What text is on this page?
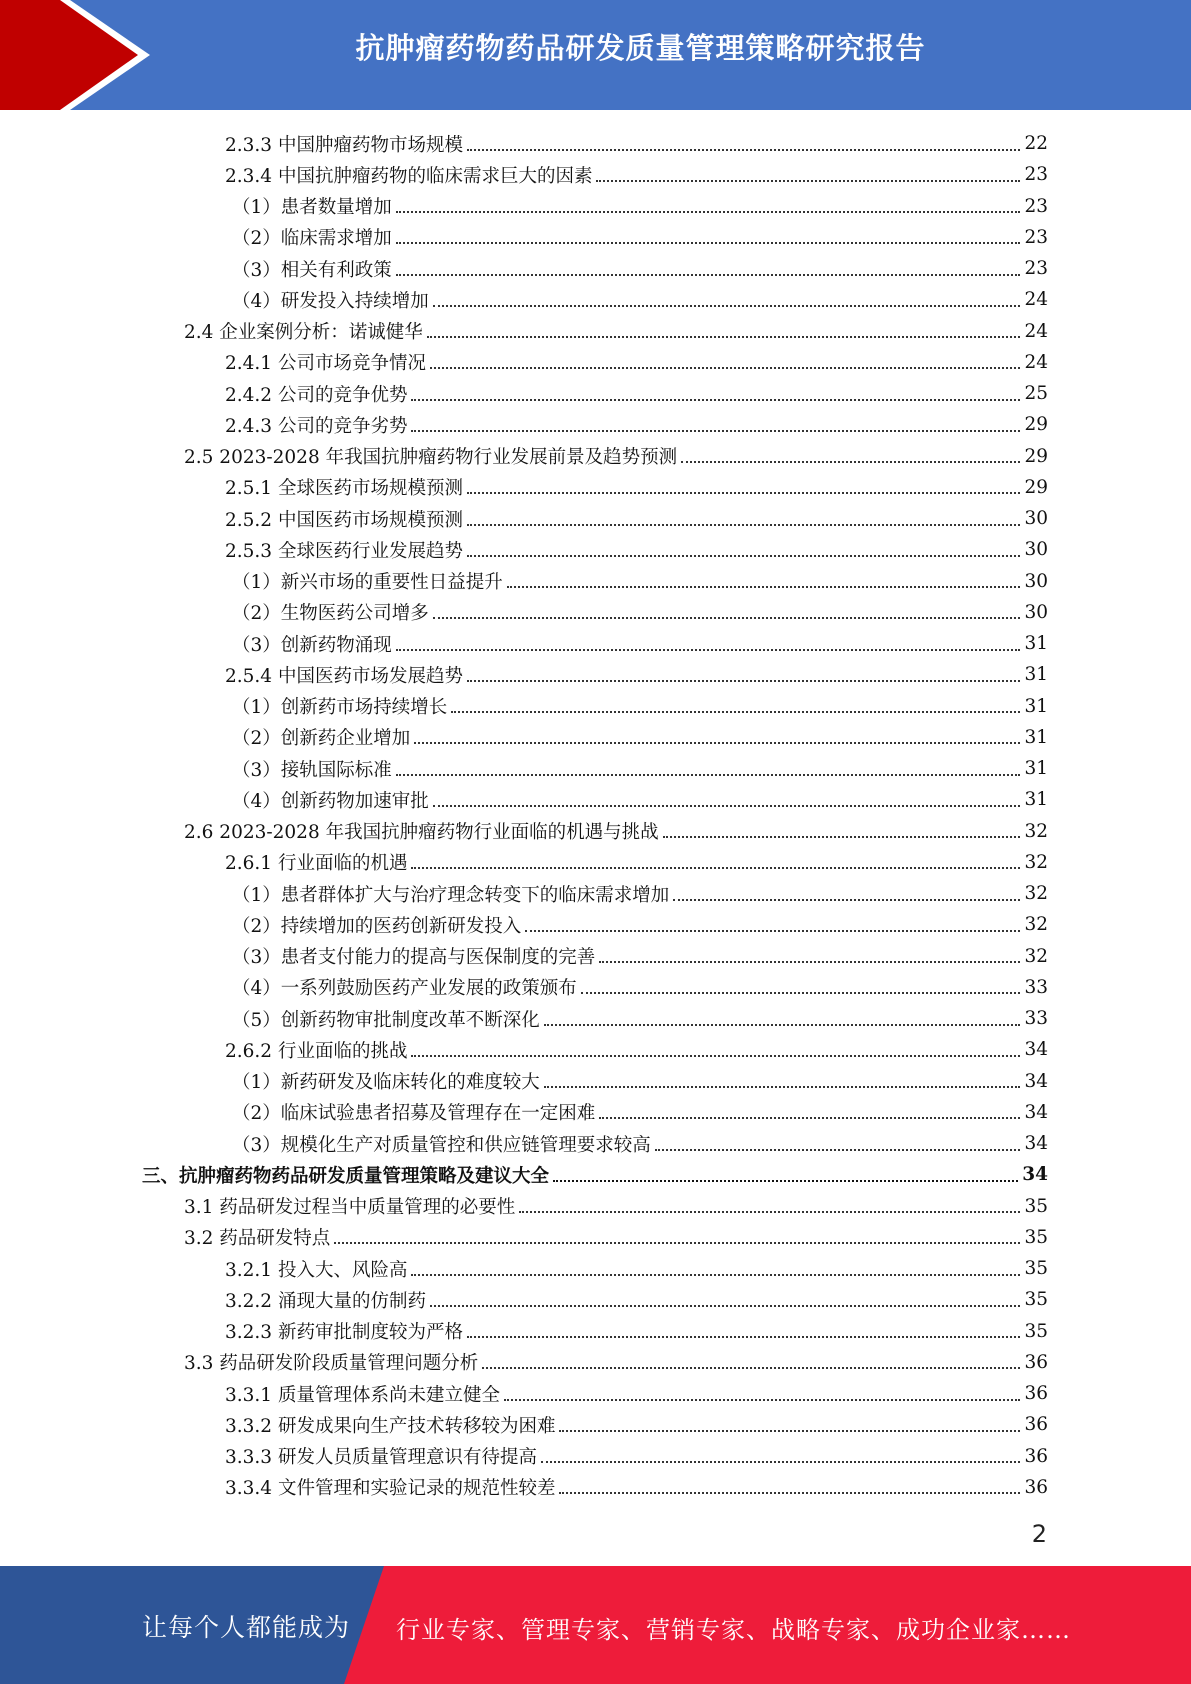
抗肿瘤药物药品研发质量管理策略研究报告
2.3.3 中国肿瘤药物市场规模	22
2.3.4 中国抗肿瘤药物的临床需求巨大的因素	23
（1）患者数量增加	23
（2）临床需求增加	23
（3）相关有利政策	23
（4）研发投入持续增加	24
2.4 企业案例分析：诺诚健华	24
2.4.1 公司市场竞争情况	24
2.4.2 公司的竞争优势	25
2.4.3 公司的竞争劣势	29
2.5 2023-2028 年我国抗肿瘤药物行业发展前景及趋势预测	29
2.5.1 全球医药市场规模预测	29
2.5.2 中国医药市场规模预测	30
2.5.3 全球医药行业发展趋势	30
（1）新兴市场的重要性日益提升	30
（2）生物医药公司增多	30
（3）创新药物涌现	31
2.5.4 中国医药市场发展趋势	31
（1）创新药市场持续增长	31
（2）创新药企业增加	31
（3）接轨国际标准	31
（4）创新药物加速审批	31
2.6 2023-2028 年我国抗肿瘤药物行业面临的机遇与挑战	32
2.6.1 行业面临的机遇	32
（1）患者群体扩大与治疗理念转变下的临床需求增加	32
（2）持续增加的医药创新研发投入	32
（3）患者支付能力的提高与医保制度的完善	32
（4）一系列鼓励医药产业发展的政策颁布	33
（5）创新药物审批制度改革不断深化	33
2.6.2 行业面临的挑战	34
（1）新药研发及临床转化的难度较大	34
（2）临床试验患者招募及管理存在一定困难	34
（3）规模化生产对质量管控和供应链管理要求较高	34
三、抗肿瘤药物药品研发质量管理策略及建议大全	34
3.1 药品研发过程当中质量管理的必要性	35
3.2 药品研发特点	35
3.2.1 投入大、风险高	35
3.2.2 涌现大量的仿制药	35
3.2.3 新药审批制度较为严格	35
3.3 药品研发阶段质量管理问题分析	36
3.3.1 质量管理体系尚未建立健全	36
3.3.2 研发成果向生产技术转移较为困难	36
3.3.3 研发人员质量管理意识有待提高	36
3.3.4 文件管理和实验记录的规范性较差	36
2
让每个人都能成为 行业专家、管理专家、营销专家、战略专家、成功企业家……
